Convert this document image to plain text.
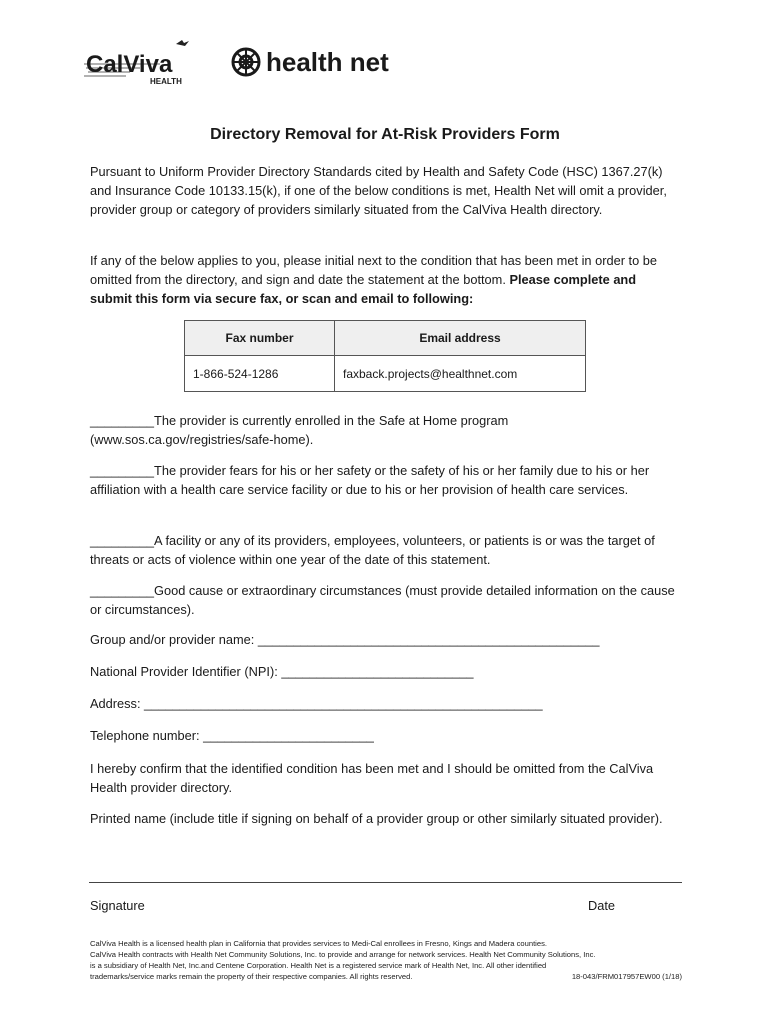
CalViva
HEALTH
health net
Directory Removal for At-Risk Providers Form
Pursuant to Uniform Provider Directory Standards cited by Health and Safety Code (HSC) 1367.27(k) and Insurance Code 10133.15(k), if one of the below conditions is met, Health Net will omit a provider, provider group or category of providers similarly situated from the CalViva Health directory.
If any of the below applies to you, please initial next to the condition that has been met in order to be omitted from the directory, and sign and date the statement at the bottom. Please complete and submit this form via secure fax, or scan and email to following:
Fax number	Email address
1-866-524-1286	faxback.projects@healthnet.com
_________The provider is currently enrolled in the Safe at Home program (www.sos.ca.gov/registries/safe-home).
_________The provider fears for his or her safety or the safety of his or her family due to his or her affiliation with a health care service facility or due to his or her provision of health care services.
_________A facility or any of its providers, employees, volunteers, or patients is or was the target of threats or acts of violence within one year of the date of this statement.
_________Good cause or extraordinary circumstances (must provide detailed information on the cause or circumstances).
Group and/or provider name: ________________________________________________
National Provider Identifier (NPI): ___________________________
Address: ________________________________________________________
Telephone number: ________________________
I hereby confirm that the identified condition has been met and I should be omitted from the CalViva Health provider directory.
Printed name (include title if signing on behalf of a provider group or other similarly situated provider).
Signature	Date
CalViva Health is a licensed health plan in California that provides services to Medi-Cal enrollees in Fresno, Kings and Madera counties.
CalViva Health contracts with Health Net Community Solutions, Inc. to provide and arrange for network services. Health Net Community Solutions, Inc.
is a subsidiary of Health Net, Inc.and Centene Corporation. Health Net is a registered service mark of Health Net, Inc. All other identified
trademarks/service marks remain the property of their respective companies. All rights reserved.	18-043/FRM017957EW00 (1/18)
